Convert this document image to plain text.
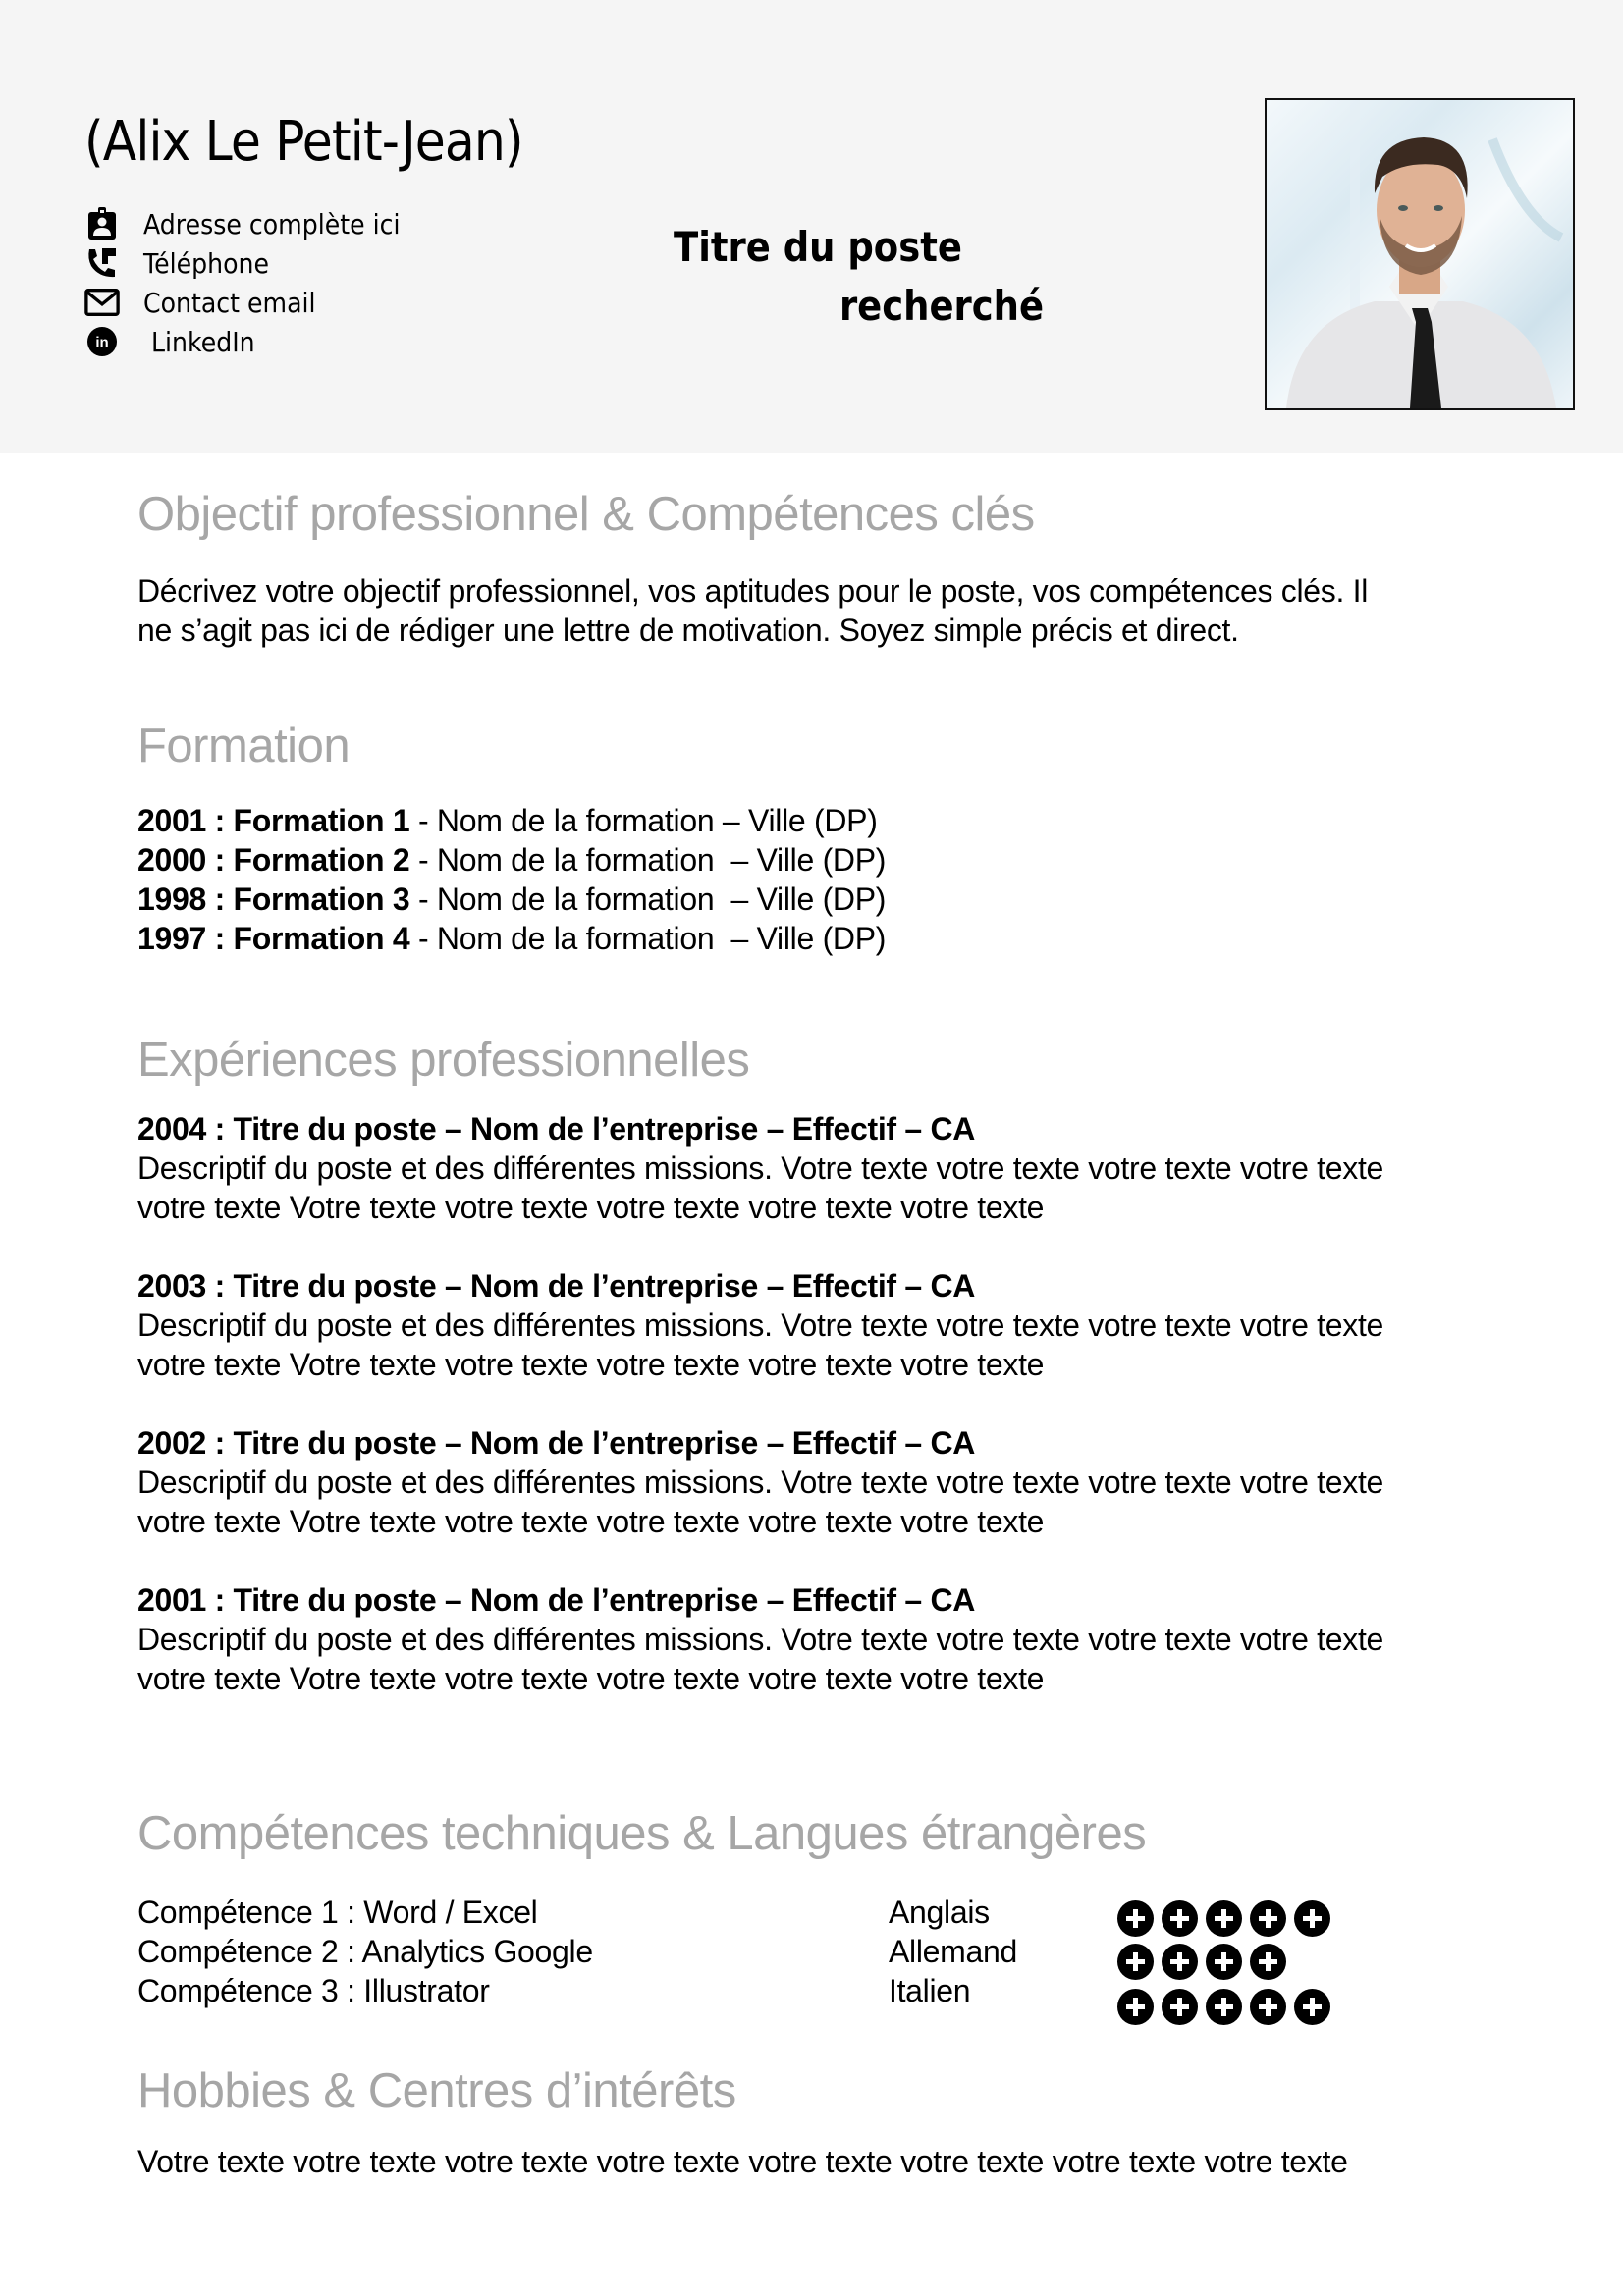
(Alix Le Petit-Jean)
Adresse complète ici
Téléphone
Contact email
in LinkedIn
Titre du poste
recherché
Objectif professionnel & Compétences clés
Décrivez votre objectif professionnel, vos aptitudes pour le poste, vos compétences clés. Il
ne s’agit pas ici de rédiger une lettre de motivation. Soyez simple précis et direct.
Formation
2001 : Formation 1 - Nom de la formation – Ville (DP)
2000 : Formation 2 - Nom de la formation  – Ville (DP)
1998 : Formation 3 - Nom de la formation  – Ville (DP)
1997 : Formation 4 - Nom de la formation  – Ville (DP)
Expériences professionnelles
2004 : Titre du poste – Nom de l’entreprise – Effectif – CA
Descriptif du poste et des différentes missions. Votre texte votre texte votre texte votre texte
votre texte Votre texte votre texte votre texte votre texte votre texte
2003 : Titre du poste – Nom de l’entreprise – Effectif – CA
Descriptif du poste et des différentes missions. Votre texte votre texte votre texte votre texte
votre texte Votre texte votre texte votre texte votre texte votre texte
2002 : Titre du poste – Nom de l’entreprise – Effectif – CA
Descriptif du poste et des différentes missions. Votre texte votre texte votre texte votre texte
votre texte Votre texte votre texte votre texte votre texte votre texte
2001 : Titre du poste – Nom de l’entreprise – Effectif – CA
Descriptif du poste et des différentes missions. Votre texte votre texte votre texte votre texte
votre texte Votre texte votre texte votre texte votre texte votre texte
Compétences techniques & Langues étrangères
Compétence 1 : Word / Excel
Compétence 2 : Analytics Google
Compétence 3 : Illustrator
Anglais
Allemand
Italien
Hobbies & Centres d’intérêts
Votre texte votre texte votre texte votre texte votre texte votre texte votre texte votre texte
